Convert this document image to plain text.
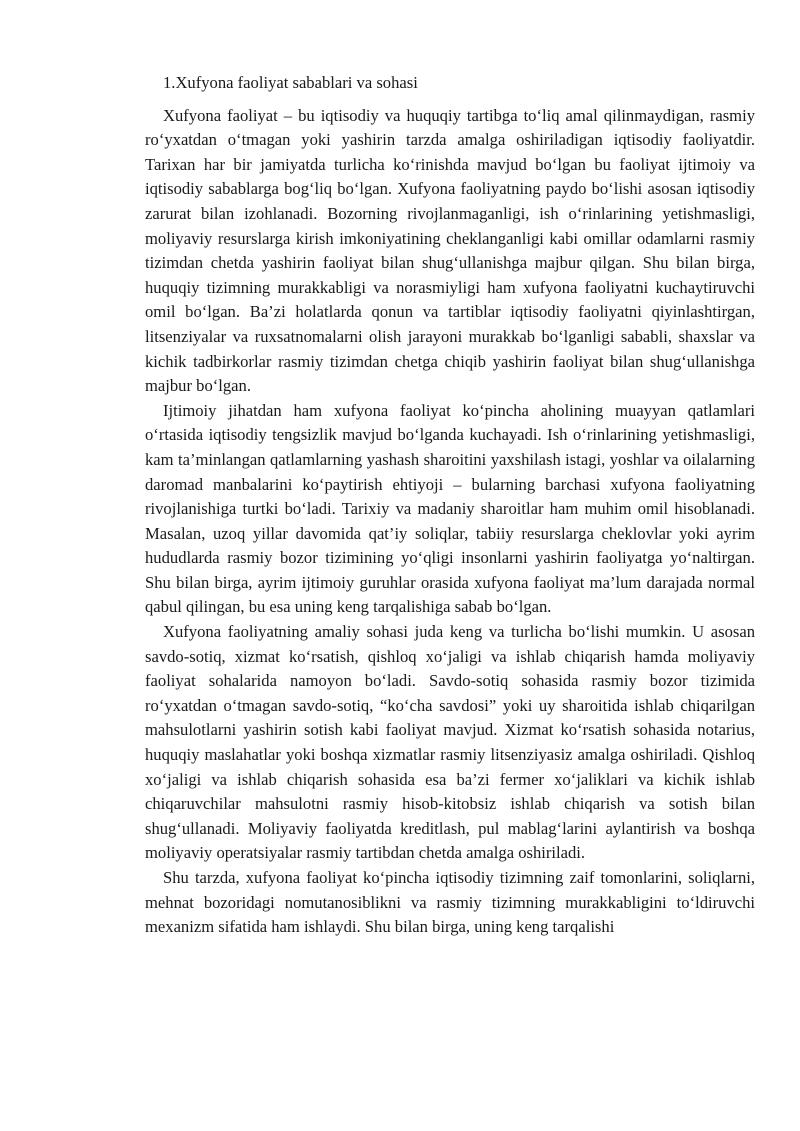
1.Xufyona faoliyat sabablari va sohasi

Xufyona faoliyat – bu iqtisodiy va huquqiy tartibga to‘liq amal qilinmaydigan, rasmiy ro‘yxatdan o‘tmagan yoki yashirin tarzda amalga oshiriladigan iqtisodiy faoliyatdir. Tarixan har bir jamiyatda turlicha ko‘rinishda mavjud bo‘lgan bu faoliyat ijtimoiy va iqtisodiy sabablarga bog‘liq bo‘lgan. Xufyona faoliyatning paydo bo‘lishi asosan iqtisodiy zarurat bilan izohlanadi. Bozorning rivojlanmaganligi, ish o‘rinlarining yetishmasligi, moliyaviy resurslarga kirish imkoniyatining cheklanganligi kabi omillar odamlarni rasmiy tizimdan chetda yashirin faoliyat bilan shug‘ullanishga majbur qilgan. Shu bilan birga, huquqiy tizimning murakkabligi va norasmiyligi ham xufyona faoliyatni kuchaytiruvchi omil bo‘lgan. Ba’zi holatlarda qonun va tartiblar iqtisodiy faoliyatni qiyinlashtirgan, litsenziyalar va ruxsatnomalarni olish jarayoni murakkab bo‘lganligi sababli, shaxslar va kichik tadbirkorlar rasmiy tizimdan chetga chiqib yashirin faoliyat bilan shug‘ullanishga majbur bo‘lgan.

Ijtimoiy jihatdan ham xufyona faoliyat ko‘pincha aholining muayyan qatlamlari o‘rtasida iqtisodiy tengsizlik mavjud bo‘lganda kuchayadi. Ish o‘rinlarining yetishmasligi, kam ta’minlangan qatlamlarning yashash sharoitini yaxshilash istagi, yoshlar va oilalarning daromad manbalarini ko‘paytirish ehtiyoji – bularning barchasi xufyona faoliyatning rivojlanishiga turtki bo‘ladi. Tarixiy va madaniy sharoitlar ham muhim omil hisoblanadi. Masalan, uzoq yillar davomida qat’iy soliqlar, tabiiy resurslarga cheklovlar yoki ayrim hududlarda rasmiy bozor tizimining yo‘qligi insonlarni yashirin faoliyatga yo‘naltirgan. Shu bilan birga, ayrim ijtimoiy guruhlar orasida xufyona faoliyat ma’lum darajada normal qabul qilingan, bu esa uning keng tarqalishiga sabab bo‘lgan.

Xufyona faoliyatning amaliy sohasi juda keng va turlicha bo‘lishi mumkin. U asosan savdo-sotiq, xizmat ko‘rsatish, qishloq xo‘jaligi va ishlab chiqarish hamda moliyaviy faoliyat sohalarida namoyon bo‘ladi. Savdo-sotiq sohasida rasmiy bozor tizimida ro‘yxatdan o‘tmagan savdo-sotiq, “ko‘cha savdosi” yoki uy sharoitida ishlab chiqarilgan mahsulotlarni yashirin sotish kabi faoliyat mavjud. Xizmat ko‘rsatish sohasida notarius, huquqiy maslahatlar yoki boshqa xizmatlar rasmiy litsenziyasiz amalga oshiriladi. Qishloq xo‘jaligi va ishlab chiqarish sohasida esa ba’zi fermer xo‘jaliklari va kichik ishlab chiqaruvchilar mahsulotni rasmiy hisob-kitobsiz ishlab chiqarish va sotish bilan shug‘ullanadi. Moliyaviy faoliyatda kreditlash, pul mablag‘larini aylantirish va boshqa moliyaviy operatsiyalar rasmiy tartibdan chetda amalga oshiriladi.

Shu tarzda, xufyona faoliyat ko‘pincha iqtisodiy tizimning zaif tomonlarini, soliqlarni, mehnat bozoridagi nomutanosiblikni va rasmiy tizimning murakkabligini to‘ldiruvchi mexanizm sifatida ham ishlaydi. Shu bilan birga, uning keng tarqalishi
